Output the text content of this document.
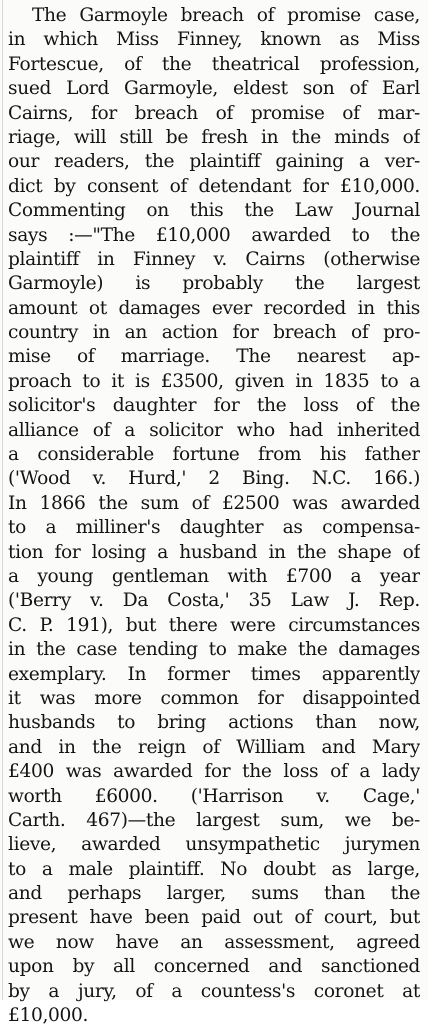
The Garmoyle breach of promise case,
in which Miss Finney, known as Miss
Fortescue, of the theatrical profession,
sued Lord Garmoyle, eldest son of Earl
Cairns, for breach of promise of mar-
riage, will still be fresh in the minds of
our readers, the plaintiff gaining a ver-
dict by consent of detendant for £10,000.
Commenting on this the Law Journal
says :—"The £10,000 awarded to the
plaintiff in Finney v. Cairns (otherwise
Garmoyle) is probably the largest
amount ot damages ever recorded in this
country in an action for breach of pro-
mise of marriage. The nearest ap-
proach to it is £3500, given in 1835 to a
solicitor's daughter for the loss of the
alliance of a solicitor who had inherited
a considerable fortune from his father
('Wood v. Hurd,' 2 Bing. N.C. 166.)
In 1866 the sum of £2500 was awarded
to a milliner's daughter as compensa-
tion for losing a husband in the shape of
a young gentleman with £700 a year
('Berry v. Da Costa,' 35 Law J. Rep.
C. P. 191), but there were circumstances
in the case tending to make the damages
exemplary. In former times apparently
it was more common for disappointed
husbands to bring actions than now,
and in the reign of William and Mary
£400 was awarded for the loss of a lady
worth £6000. ('Harrison v. Cage,'
Carth. 467)—the largest sum, we be-
lieve, awarded unsympathetic jurymen
to a male plaintiff. No doubt as large,
and perhaps larger, sums than the
present have been paid out of court, but
we now have an assessment, agreed
upon by all concerned and sanctioned
by a jury, of a countess's coronet at
£10,000.
